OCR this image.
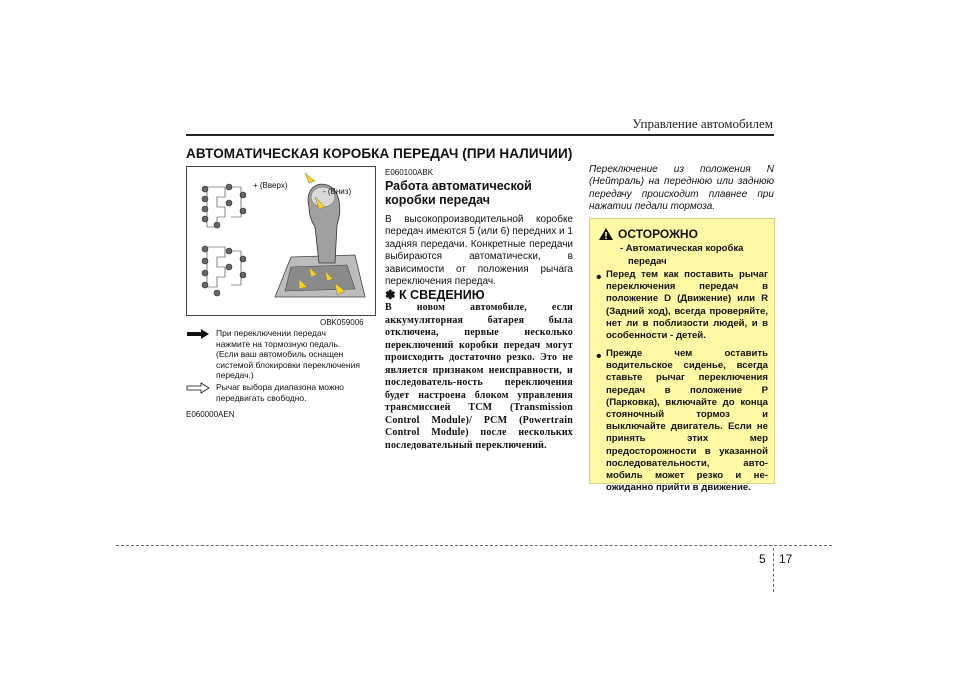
Управление автомобилем
АВТОМАТИЧЕСКАЯ КОРОБКА ПЕРЕДАЧ (ПРИ НАЛИЧИИ)
+ (Вверх)
- (Вниз)
OBK059006
При переключении передач
нажмите на тормозную педаль.
(Если ваш автомобиль оснащен
системой блокировки переключения
передач.)
Рычаг выбора диапазона можно
передвигать свободно.
E060000AEN
E060100ABK
Работа автоматической коробки передач
В высокопроизводительной коробке передач имеются 5 (или 6) передних и 1 задняя передачи. Конкретные передачи выбираются автоматически, в зависимости от положения рычага переключения передач.
✽ К СВЕДЕНИЮ
В новом автомобиле, если аккумуляторная батарея была отключена, первые несколько переключений коробки передач могут происходить достаточно резко. Это не является признаком неисправности, и последователь-ность переключения будет настроена блоком управления трансмиссией TCM (Transmission Control Module)/ PCM (Powertrain Control Module) после нескольких последовательный переключений.
Переключение из положения N (Нейтраль) на переднюю или заднюю передачу происходит плавнее при нажатии педали тормоза.
ОСТОРОЖНО
- Автоматическая коробка
передач
• Перед тем как поставить рычаг переключения передач в положение D (Движение) или R (Задний ход), всегда проверяйте, нет ли в поблизости людей, и в особенности - детей.
• Прежде чем оставить водительское сиденье, всегда ставьте рычаг переключения передач в положение P (Парковка), включайте до конца стояночный тормоз и выключайте двигатель. Если не принять этих мер предосторожности в указанной последовательности, авто-мобиль может резко и не-ожиданно прийти в движение.
5 17
